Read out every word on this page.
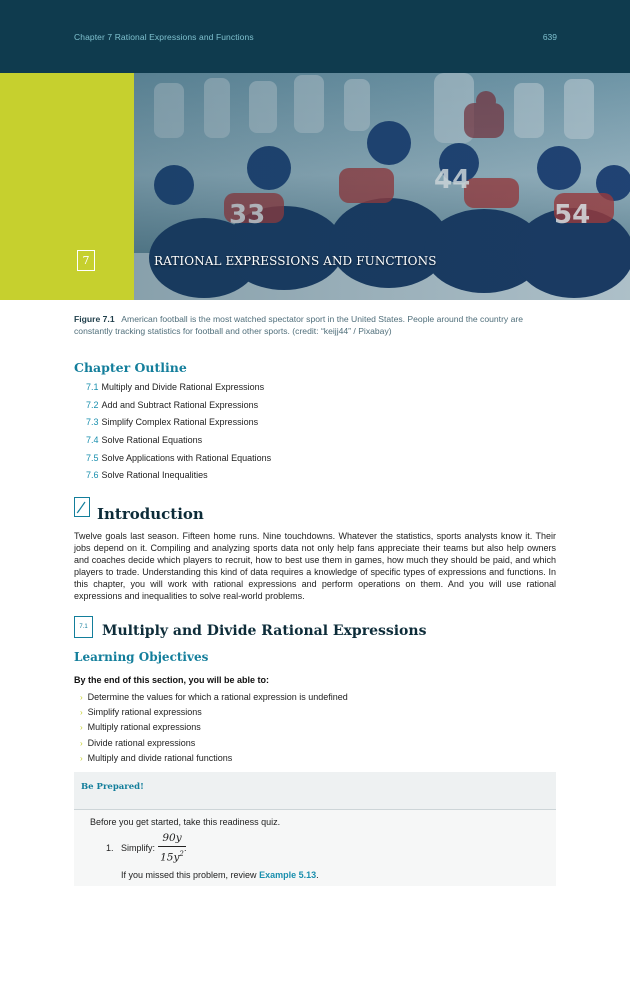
Chapter 7 Rational Expressions and Functions	639
7	RATIONAL EXPRESSIONS AND FUNCTIONS
Figure 7.1 American football is the most watched spectator sport in the United States. People around the country are constantly tracking statistics for football and other sports. (credit: “keijj44” / Pixabay)
Chapter Outline
7.1 Multiply and Divide Rational Expressions
7.2 Add and Subtract Rational Expressions
7.3 Simplify Complex Rational Expressions
7.4 Solve Rational Equations
7.5 Solve Applications with Rational Equations
7.6 Solve Rational Inequalities
Introduction
Twelve goals last season. Fifteen home runs. Nine touchdowns. Whatever the statistics, sports analysts know it. Their jobs depend on it. Compiling and analyzing sports data not only help fans appreciate their teams but also help owners and coaches decide which players to recruit, how to best use them in games, how much they should be paid, and which players to trade. Understanding this kind of data requires a knowledge of specific types of expressions and functions. In this chapter, you will work with rational expressions and perform operations on them. And you will use rational expressions and inequalities to solve real-world problems.
7.1	Multiply and Divide Rational Expressions
Learning Objectives
By the end of this section, you will be able to:
› Determine the values for which a rational expression is undefined
› Simplify rational expressions
› Multiply rational expressions
› Divide rational expressions
› Multiply and divide rational functions
Be Prepared!
Before you get started, take this readiness quiz.
1. Simplify:
90y
$15y^2$
.
If you missed this problem, review Example 5.13.
